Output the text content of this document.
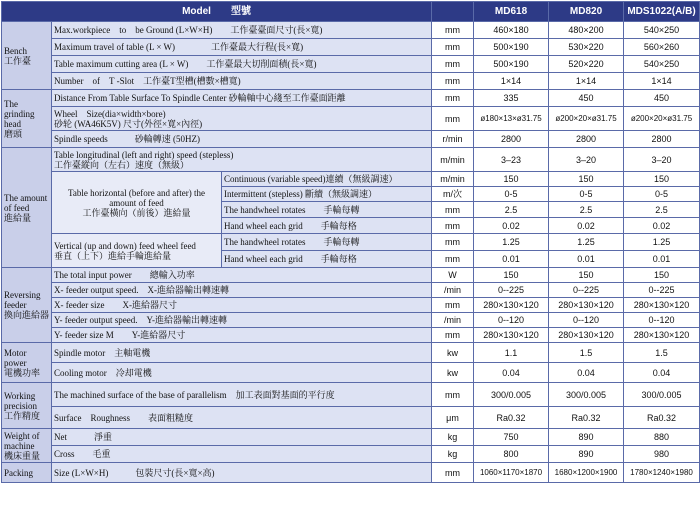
Model　　型號				MD618	MD820	MDS1022(A/B)
Bench
工作臺	Max.workpiece　to　be Ground (L×W×H)　　工作臺臺面尺寸(長×寬)		mm	460×180	480×200	540×250
	Maximum travel of table (L × W)　　　　工作臺最大行程(長×寬)		mm	500×190	530×220	560×260
	Table maximum cutting area (L × W)　　工作臺最大切削面積(長×寬)		mm	500×190	520×220	540×250
	Number　of　T -Slot　工作臺T型槽(槽數×槽寬)		mm	1×14	1×14	1×14
The grinding head
磨頭	Distance From Table Surface To Spindle Center 砂輪軸中心綫至工作臺面距離		mm	335	450	450
	Wheel　Size(dia×width×bore)
砂轮 (WA46K5V) 尺寸(外徑×寬×內徑)		mm	ø180×13×ø31.75	ø200×20×ø31.75	ø200×20×ø31.75
	Spindle speeds　　　砂輪轉速 (50HZ)		r/min	2800	2800	2800
The amount of feed
進給量	Table longitudinal (left and right) speed (stepless)
工作臺縱向（左右）速度（無級）		m/min	3–23	3–20	3–20
	Table horizontal (before and after) the amount of feed
工作臺橫向（前後）進給量	Continuous (variable speed)連續（無級調速）	m/min	150	150	150
		Intermittent (stepless) 斷續（無級調速）	m/次	0-5	0-5	0-5
		The handwheel rotates　　手輪每轉	mm	2.5	2.5	2.5
		Hand wheel each grid　　手輪每格	mm	0.02	0.02	0.02
	Vertical (up and down) feed wheel feed
垂直（上下）進給手輪進給量	The handwheel rotates　　手輪每轉	mm	1.25	1.25	1.25
		Hand wheel each grid　　手輪每格	mm	0.01	0.01	0.01
Reversing feeder
換向進給器	The total input power　　總輸入功率		W	150	150	150
	X- feeder output speed.　X-進給器輸出轉速轉		/min	0--225	0--225	0--225
	X- feeder size　　X-進給器尺寸		mm	280×130×120	280×130×120	280×130×120
	Y- feeder output speed.　Y-進給器輸出轉速轉		/min	0--120	0--120	0--120
	Y- feeder size M　　Y-進給器尺寸		mm	280×130×120	280×130×120	280×130×120
Motor power
電機功率	Spindle motor　主軸電機		kw	1.1	1.5	1.5
	Cooling motor　冷却電機		kw	0.04	0.04	0.04
Working precision
工作精度	The machined surface of the base of parallelism　加工表面對基面的平行度		mm	300/0.005	300/0.005	300/0.005
	Surface　Roughness　　表面粗糙度		μm	Ra0.32	Ra0.32	Ra0.32
Weight of machine
機床重量	Net　　　淨重		kg	750	890	880
	Cross　　毛重		kg	800	890	980
Packing	Size (L×W×H)　　　包裝尺寸(長×寬×高)		mm	1060×1170×1870	1680×1200×1900	1780×1240×1980
